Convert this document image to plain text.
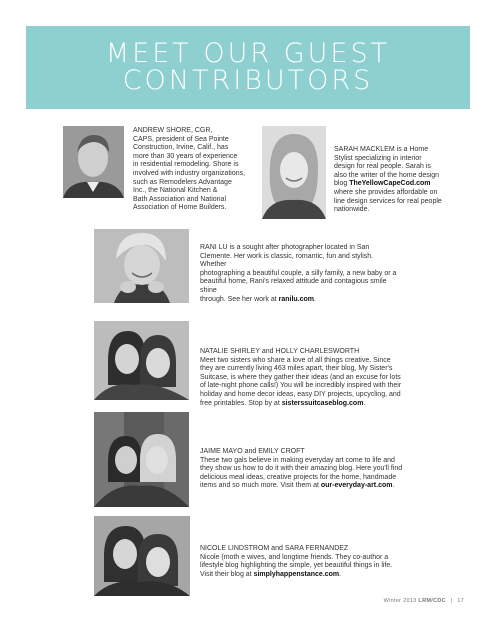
MEET OUR GUEST CONTRIBUTORS
ANDREW SHORE, CGR,
CAPS, president of Sea Pointe
Construction, Irvine, Calif., has
more than 30 years of experience
in residential remodeling. Shore is
involved with industry organizations,
such as Remodelers Advantage
Inc., the National Kitchen &
Bath Association and National
Association of Home Builders.
SARAH MACKLEM is a Home
Stylist specializing in interior
design for real people. Sarah is
also the writer of the home design
blog TheYellowCapeCod.com
where she provides affordable on
line design services for real people
nationwide.
RANI LU is a sought after photographer located in San
Clemente. Her work is classic, romantic, fun and stylish. Whether
photographing a beautiful couple, a silly family, a new baby or a
beautiful home, Rani's relaxed attitude and contagious smile shine
through. See her work at ranilu.com.
NATALIE SHIRLEY and HOLLY CHARLESWORTH
Meet two sisters who share a love of all things creative. Since
they are currently living 463 miles apart, their blog, My Sister's
Suitcase, is where they gather their ideas (and an excuse for lots
of late-night phone calls!) You will be incredibly inspired with their
holiday and home decor ideas, easy DIY projects, upcycling, and
free printables. Stop by at sisterssuitcaseblog.com.
JAIME MAYO and EMILY CROFT
These two gals believe in making everyday art come to life and
they show us how to do it with their amazing blog. Here you'll find
delicious meal ideas, creative projects for the home, handmade
items and so much more. Visit them at our-everyday-art.com.
NICOLE LINDSTROM and SARA FERNANDEZ
Nicole (moth e wives, and longtime friends. They co-author a
lifestyle blog highlighting the simple, yet beautiful things in life.
Visit their blog at simplyhappenstance.com.
Winter 2013 LRM/CDC | 17
